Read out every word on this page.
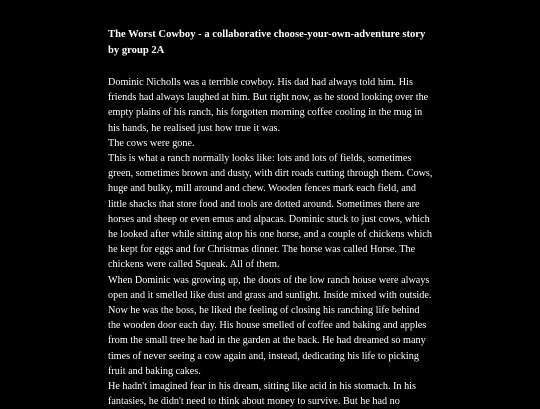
The Worst Cowboy - a collaborative choose-your-own-adventure story by group 2A

Dominic Nicholls was a terrible cowboy. His dad had always told him. His friends had always laughed at him. But right now, as he stood looking over the empty plains of his ranch, his forgotten morning coffee cooling in the mug in his hands, he realised just how true it was.

The cows were gone.

This is what a ranch normally looks like: lots and lots of fields, sometimes green, sometimes brown and dusty, with dirt roads cutting through them. Cows, huge and bulky, mill around and chew. Wooden fences mark each field, and little shacks that store food and tools are dotted around. Sometimes there are horses and sheep or even emus and alpacas. Dominic stuck to just cows, which he looked after while sitting atop his one horse, and a couple of chickens which he kept for eggs and for Christmas dinner. The horse was called Horse. The chickens were called Squeak. All of them.

When Dominic was growing up, the doors of the low ranch house were always open and it smelled like dust and grass and sunlight. Inside mixed with outside. Now he was the boss, he liked the feeling of closing his ranching life behind the wooden door each day. His house smelled of coffee and baking and apples from the small tree he had in the garden at the back. He had dreamed so many times of never seeing a cow again and, instead, dedicating his life to picking fruit and baking cakes.

He hadn't imagined fear in his dream, sitting like acid in his stomach. In his fantasies, he didn't need to think about money to survive. But he had no
